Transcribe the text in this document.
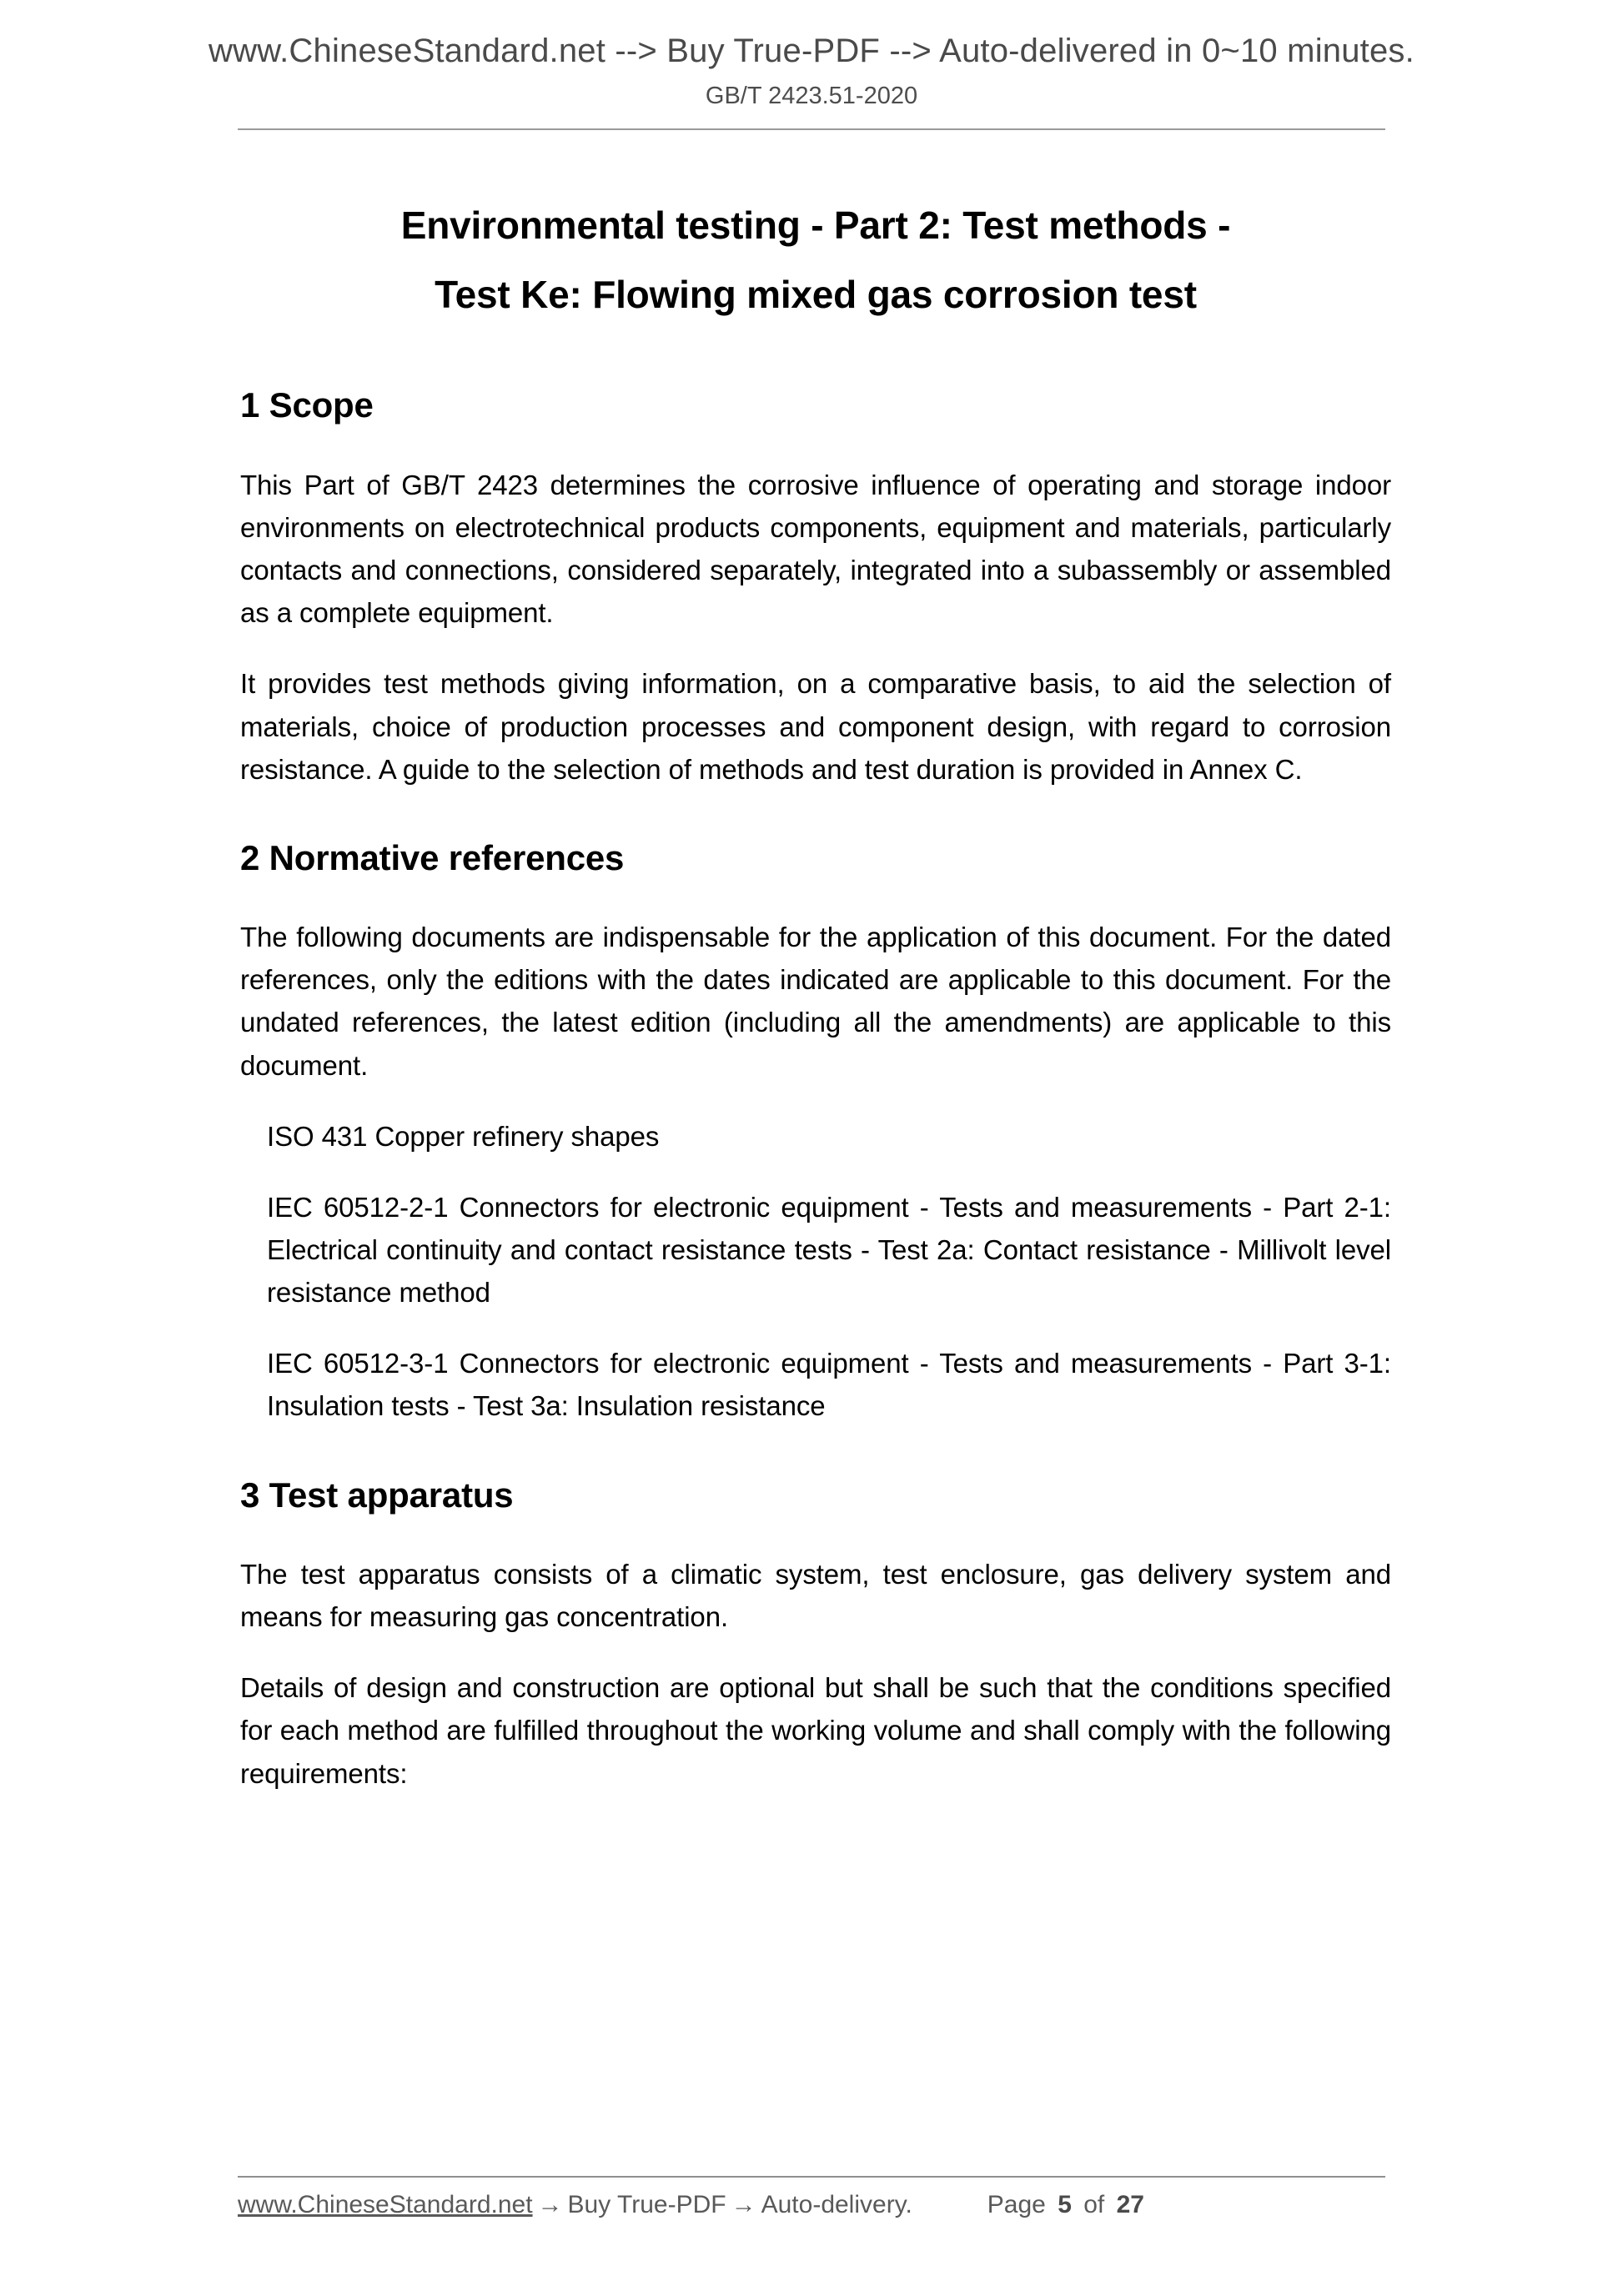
www.ChineseStandard.net --> Buy True-PDF --> Auto-delivered in 0~10 minutes.
GB/T 2423.51-2020
Environmental testing - Part 2: Test methods -
Test Ke: Flowing mixed gas corrosion test
1 Scope

This Part of GB/T 2423 determines the corrosive influence of operating and storage indoor environments on electrotechnical products components, equipment and materials, particularly contacts and connections, considered separately, integrated into a subassembly or assembled as a complete equipment.

It provides test methods giving information, on a comparative basis, to aid the selection of materials, choice of production processes and component design, with regard to corrosion resistance. A guide to the selection of methods and test duration is provided in Annex C.

2 Normative references

The following documents are indispensable for the application of this document. For the dated references, only the editions with the dates indicated are applicable to this document. For the undated references, the latest edition (including all the amendments) are applicable to this document.

ISO 431 Copper refinery shapes

IEC 60512-2-1 Connectors for electronic equipment - Tests and measurements - Part 2-1: Electrical continuity and contact resistance tests - Test 2a: Contact resistance - Millivolt level resistance method

IEC 60512-3-1 Connectors for electronic equipment - Tests and measurements - Part 3-1: Insulation tests - Test 3a: Insulation resistance

3 Test apparatus

The test apparatus consists of a climatic system, test enclosure, gas delivery system and means for measuring gas concentration.

Details of design and construction are optional but shall be such that the conditions specified for each method are fulfilled throughout the working volume and shall comply with the following requirements:

www.ChineseStandard.net → Buy True-PDF → Auto-delivery.	Page 5 of 27
